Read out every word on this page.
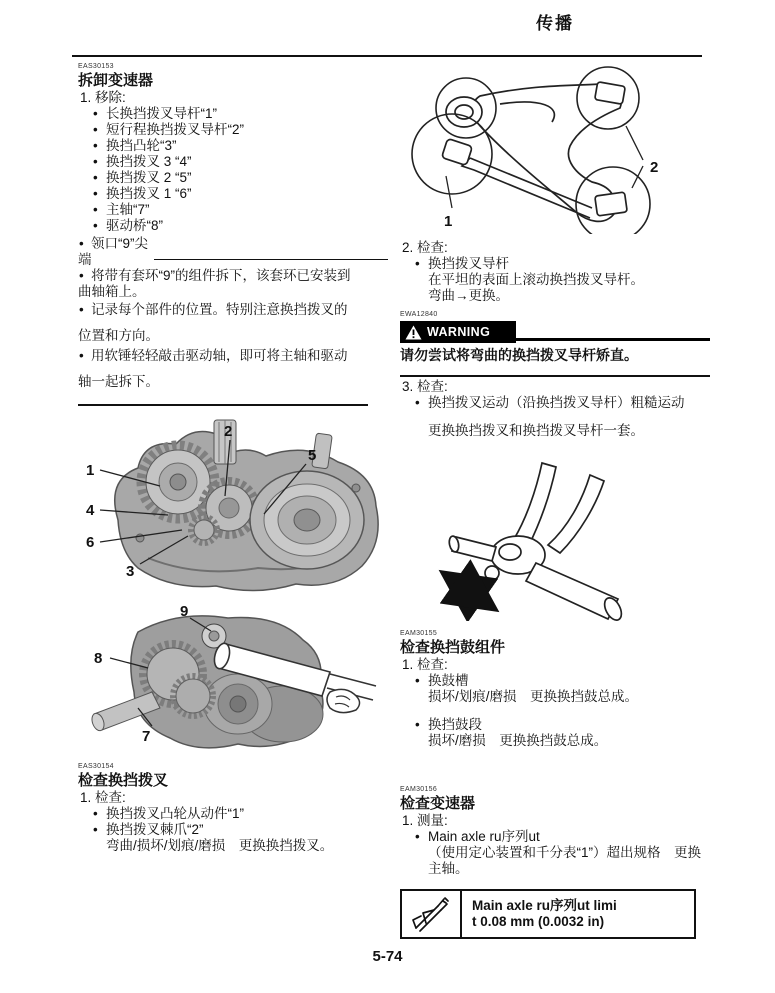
传播
EAS30153
拆卸变速器
1. 移除:
• 长换挡拨叉导杆“1”
• 短行程换挡拨叉导杆“2”
• 换挡凸轮“3”
• 换挡拨叉 3 “4”
• 换挡拨叉 2 “5”
• 换挡拨叉 1 “6”
• 主轴“7”
• 驱动桥“8”
• 领口“9”尖
端
• 将带有套环“9”的组件拆下，该套环已安装到
曲轴箱上。
• 记录每个部件的位置。特别注意换挡拨叉的
位置和方向。
• 用软锤轻轻敲击驱动轴，即可将主轴和驱动
轴一起拆下。
1
4
6
3
2
5
9
8
7
EAS30154
检查换挡拨叉
1. 检查:
• 换挡拨叉凸轮从动件“1”
• 换挡拨叉棘爪“2”
弯曲/损坏/划痕/磨损　更换换挡拨叉。
1
2
2. 检查:
• 换挡拨叉导杆
在平坦的表面上滚动换挡拨叉导杆。
弯曲→更换。
EWA12840
WARNING
请勿尝试将弯曲的换挡拨叉导杆矫直。
3. 检查:
• 换挡拨叉运动（沿换挡拨叉导杆）粗糙运动
更换换挡拨叉和换挡拨叉导杆一套。
EAM30155
检查换挡鼓组件
1. 检查:
• 换鼓槽
损坏/划痕/磨损　更换换挡鼓总成。
• 换挡鼓段
损坏/磨损　更换换挡鼓总成。
EAM30156
检查变速器
1. 测量:
• Main axle ru序列ut
（使用定心装置和千分表“1”）超出规格　更换
主轴。
Main axle ru序列ut limi
t 0.08 mm (0.0032 in)
5-74
